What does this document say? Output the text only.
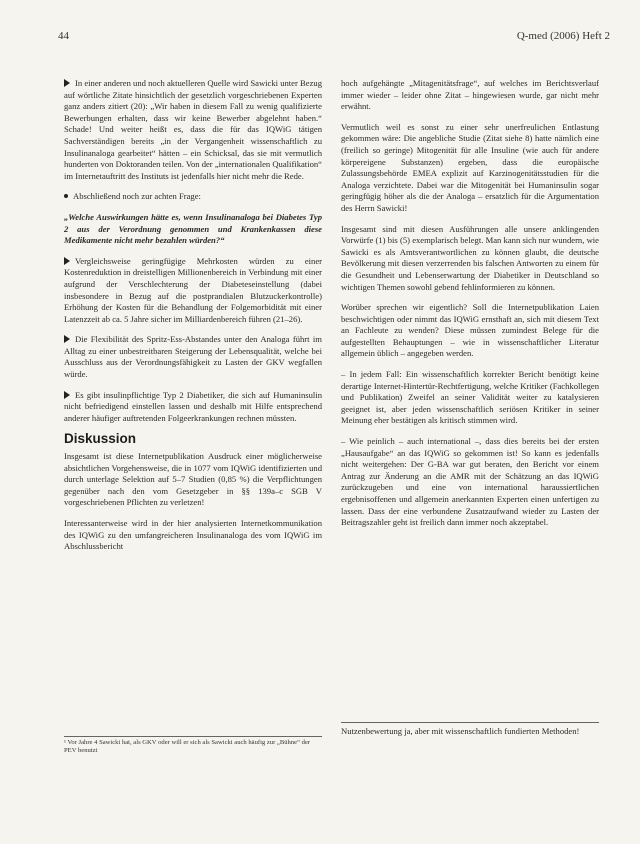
44	Q-med (2006) Heft 2

In einer anderen und noch aktuelleren Quelle wird Sawicki unter Bezug auf wörtliche Zitate hinsichtlich der gesetzlich vorgeschriebenen Experten ganz anders zitiert (20): „Wir haben in diesem Fall zu wenig qualifizierte Bewerbungen erhalten, dass wir keine Bewerber abgelehnt haben.“ Schade! Und weiter heißt es, dass die für das IQWiG tätigen Sachverständigen bereits „in der Vergangenheit wissenschaftlich zu Insulinanaloga gearbeitet“ hätten – ein Schicksal, das sie mit vermutlich hunderten von Doktoranden teilen. Von der „internationalen Qualifikation“ im Internetauftritt des Instituts ist jedenfalls hier nicht mehr die Rede.

Abschließend noch zur achten Frage:

„Welche Auswirkungen hätte es, wenn Insulinanaloga bei Diabetes Typ 2 aus der Verordnung genommen und Krankenkassen diese Medikamente nicht mehr bezahlen würden?“

Vergleichsweise geringfügige Mehrkosten würden zu einer Kostenreduktion in dreistelligen Millionenbereich in Verbindung mit einer aufgrund der Verschlechterung der Diabeteseinstellung (dabei insbesondere in Bezug auf die postprandialen Blutzuckerkontrolle) Erhöhung der Kosten für die Behandlung der Folgemorbidität mit einer Latenzzeit ab ca. 5 Jahre sicher im Milliardenbereich führen (21–26).

Die Flexibilität des Spritz-Ess-Abstandes unter den Analoga führt im Alltag zu einer unbestreitbaren Steigerung der Lebensqualität, welche bei Ausschluss aus der Verordnungsfähigkeit zu Lasten der GKV wegfallen würde.

Es gibt insulinpflichtige Typ 2 Diabetiker, die sich auf Humaninsulin nicht befriedigend einstellen lassen und deshalb mit Hilfe entsprechend anderer häufiger auftretenden Folgeerkrankungen rechnen müssten.

Diskussion

Insgesamt ist diese Internetpublikation Ausdruck einer möglicherweise absichtlichen Vorgehensweise, die in 1077 vom IQWiG identifizierten und durch unterlage Selektion auf 5–7 Studien (0,85 %) die Verpflichtungen gegenüber nach den vom Gesetzgeber in §§ 139a–c SGB V vorgeschriebenen Pflichten zu verletzen!

Interessanterweise wird in der hier analysierten Internetkommunikation des IQWiG zu den umfangreicheren Insulinanaloga des vom IQWiG im Abschlussbericht

¹ Vor Jahre 4 Sawicki hat, als GKV oder will er sich als Sawicki auch häufig zur „Bühne“ der PEV benutzt

hoch aufgehängte „Mitagenitätsfrage“, auf welches im Berichtsverlauf immer wieder – leider ohne Zitat – hingewiesen wurde, gar nicht mehr erwähnt.

Vermutlich weil es sonst zu einer sehr unerfreulichen Entlastung gekommen wäre: Die angebliche Studie (Zitat siehe 8) hatte nämlich eine (freilich so geringe) Mitogenität für alle Insuline (wie auch für andere körpereigene Substanzen) ergeben, dass die europäische Zulassungsbehörde EMEA explizit auf Karzinogenitätsstudien für die Analoga verzichtete. Dabei war die Mitogenität bei Humaninsulin sogar geringfügig höher als die der Analoga – ersatzlich für die Argumentation des Herrn Sawicki!

Insgesamt sind mit diesen Ausführungen alle unsere anklingenden Vorwürfe (1) bis (5) exemplarisch belegt. Man kann sich nur wundern, wie Sawicki es als Amtsverantwortlichen zu können glaubt, die deutsche Bevölkerung mit diesen verzerrenden bis falschen Antworten zu einem für die Gesundheit und Lebenserwartung der Diabetiker in Deutschland so wichtigen Themen sowohl gebend fehlinformieren zu können.

Worüber sprechen wir eigentlich? Soll die Internetpublikation Laien beschwichtigen oder nimmt das IQWiG ernsthaft an, sich mit diesem Text an Fachleute zu wenden? Diese müssen zumindest Belege für die aufgestellten Behauptungen – wie in wissenschaftlicher Literatur allgemein üblich – angegeben werden.

– In jedem Fall: Ein wissenschaftlich korrekter Bericht benötigt keine derartige Internet-Hintertür-Rechtfertigung, welche Kritiker (Fachkollegen und Publikation) Zweifel an seiner Validität weiter zu katalysieren geeignet ist, aber jeden wissenschaftlich seriösen Kritiker in seiner Meinung eher bestätigen als kritisch stimmen wird.

– Wie peinlich – auch international –, dass dies bereits bei der ersten „Hausaufgabe“ an das IQWiG so gekommen ist! So kann es jedenfalls nicht weitergehen: Der G-BA war gut beraten, den Bericht vor einem Antrag zur Änderung an die AMR mit der Schätzung an das IQWiG zurückzugeben und eine von international haraussiertlichen ergebnisoffenen und allgemein anerkannten Experten einen unfertigen zu lassen. Dass der eine verbundene Zusatzaufwand wieder zu Lasten der Beitragszahler geht ist freilich dann immer noch akzeptabel.

Nutzenbewertung ja, aber mit wissenschaftlich fundierten Methoden!
